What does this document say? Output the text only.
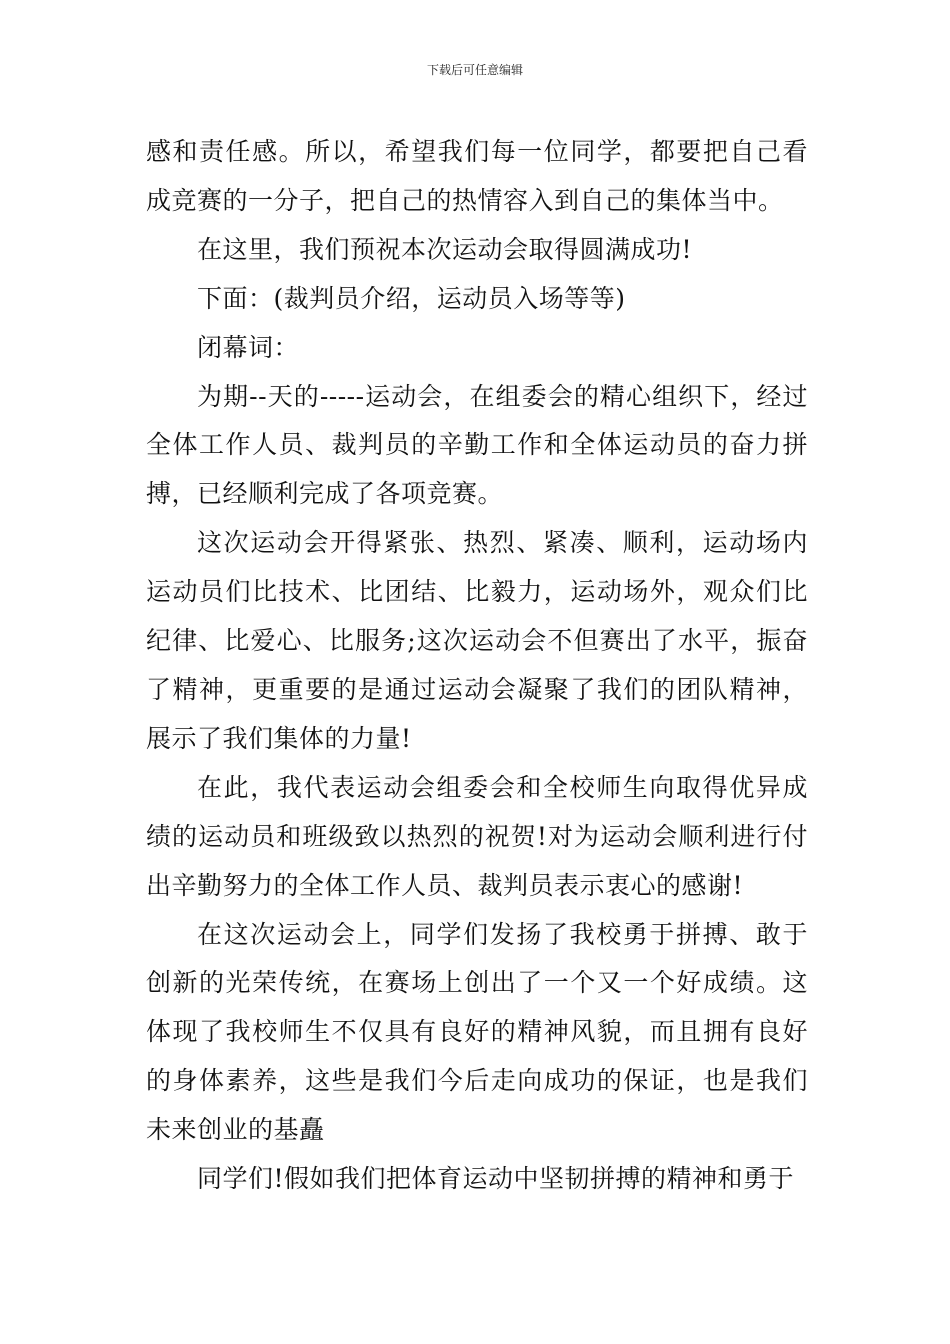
下载后可任意编辑

感和责任感。所以，希望我们每一位同学，都要把自己看成竞赛的一分子，把自己的热情容入到自己的集体当中。

在这里，我们预祝本次运动会取得圆满成功!

下面：(裁判员介绍，运动员入场等等)

闭幕词：

为期--天的-----运动会，在组委会的精心组织下，经过全体工作人员、裁判员的辛勤工作和全体运动员的奋力拼搏，已经顺利完成了各项竞赛。

这次运动会开得紧张、热烈、紧凑、顺利，运动场内运动员们比技术、比团结、比毅力，运动场外，观众们比纪律、比爱心、比服务;这次运动会不但赛出了水平，振奋了精神，更重要的是通过运动会凝聚了我们的团队精神，展示了我们集体的力量!

在此，我代表运动会组委会和全校师生向取得优异成绩的运动员和班级致以热烈的祝贺!对为运动会顺利进行付出辛勤努力的全体工作人员、裁判员表示衷心的感谢!

在这次运动会上，同学们发扬了我校勇于拼搏、敢于创新的光荣传统，在赛场上创出了一个又一个好成绩。这体现了我校师生不仅具有良好的精神风貌，而且拥有良好的身体素养，这些是我们今后走向成功的保证，也是我们未来创业的基矗

同学们!假如我们把体育运动中坚韧拼搏的精神和勇于
